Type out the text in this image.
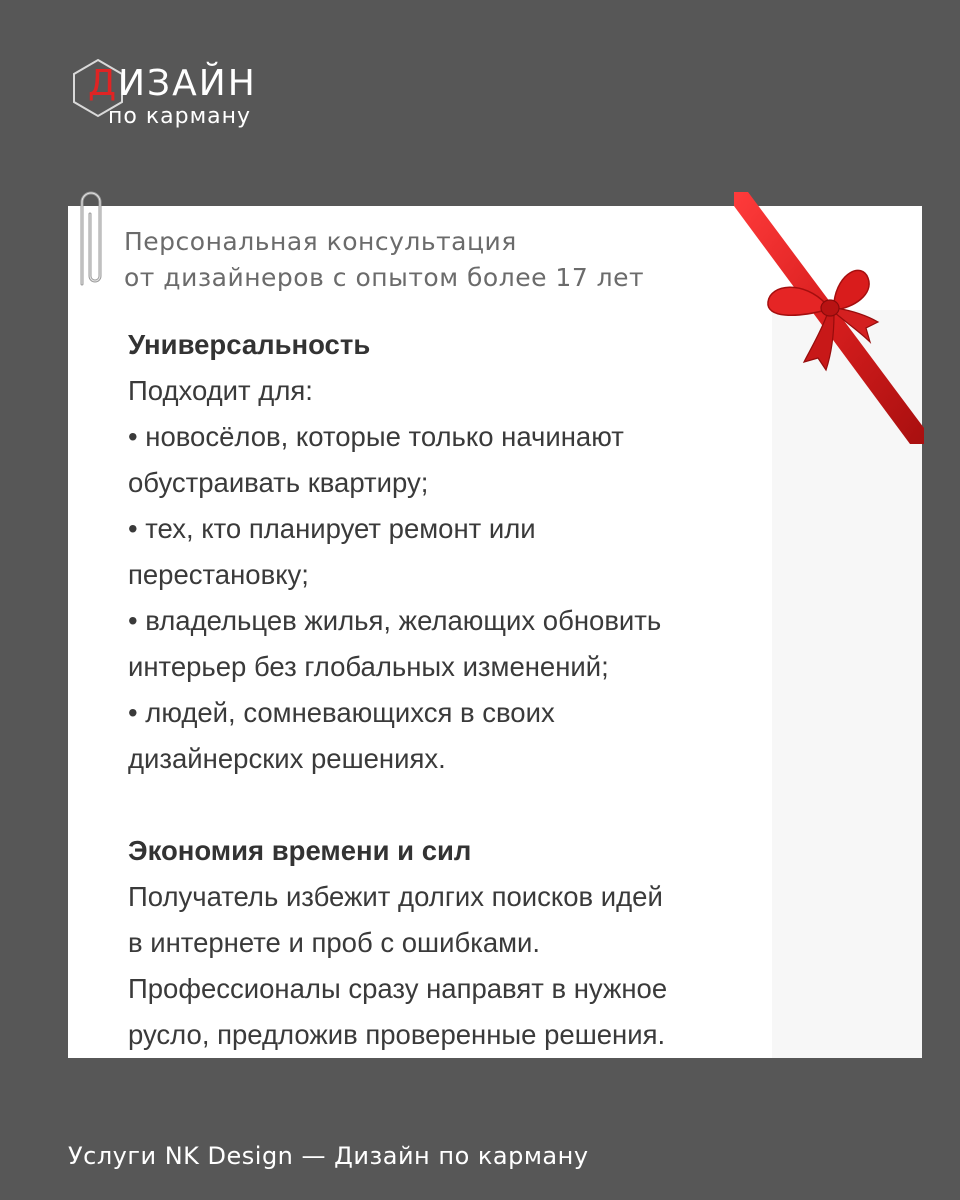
ДИЗАЙН
по карману
Персональная консультация
от дизайнеров с опытом более 17 лет
Универсальность
Подходит для:
• новосёлов, которые только начинают
обустраивать квартиру;
• тех, кто планирует ремонт или
перестановку;
• владельцев жилья, желающих обновить
интерьер без глобальных изменений;
• людей, сомневающихся в своих
дизайнерских решениях.
Экономия времени и сил
Получатель избежит долгих поисков идей
в интернете и проб с ошибками.
Профессионалы сразу направят в нужное
русло, предложив проверенные решения.
Услуги NK Design — Дизайн по карману
